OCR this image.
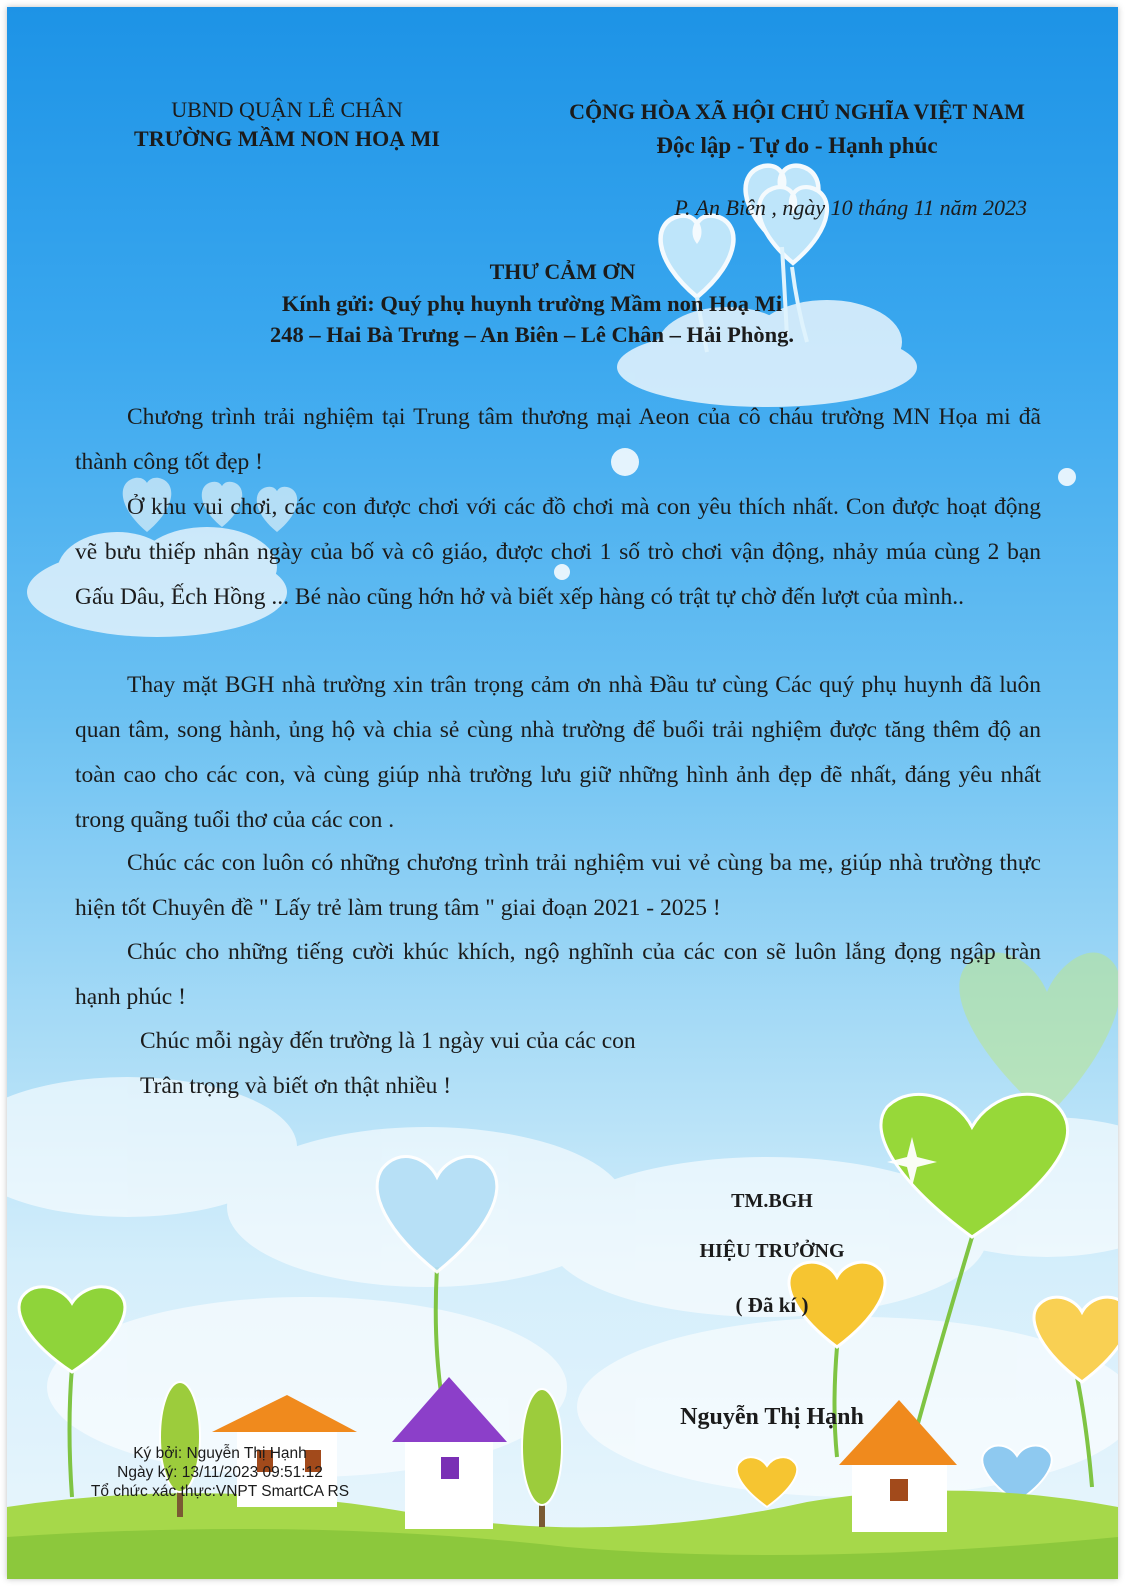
UBND QUẬN LÊ CHÂN
TRƯỜNG MẦM NON HOẠ MI
CỘNG HÒA XÃ HỘI CHỦ NGHĨA VIỆT NAM
Độc lập - Tự do - Hạnh phúc
P. An Biên , ngày 10 tháng 11 năm 2023
THƯ CẢM ƠN
Kính gửi: Quý phụ huynh trường Mầm non Hoạ Mi
248 – Hai Bà Trưng – An Biên – Lê Chân – Hải Phòng.
Chương trình trải nghiệm tại Trung tâm thương mại Aeon của cô cháu trường MN Họa mi đã thành công tốt đẹp !
Ở khu vui chơi, các con được chơi với các đồ chơi mà con yêu thích nhất. Con được hoạt động vẽ bưu thiếp nhân ngày của bố và cô giáo, được chơi 1 số trò chơi vận động, nhảy múa cùng 2 bạn Gấu Dâu, Ếch Hồng ... Bé nào cũng hớn hở và biết xếp hàng có trật tự chờ đến lượt của mình..
Thay mặt BGH nhà trường xin trân trọng cảm ơn nhà Đầu tư cùng Các quý phụ huynh đã luôn quan tâm, song hành, ủng hộ và chia sẻ cùng nhà trường để buổi trải nghiệm được tăng thêm độ an toàn cao cho các con, và cùng giúp nhà trường lưu giữ những hình ảnh đẹp đẽ nhất, đáng yêu nhất trong quãng tuổi thơ của các con .
Chúc các con luôn có những chương trình trải nghiệm vui vẻ cùng ba mẹ, giúp nhà trường thực hiện tốt Chuyên đề " Lấy trẻ làm trung tâm " giai đoạn 2021 - 2025 !
Chúc cho những tiếng cười khúc khích, ngộ nghĩnh của các con sẽ luôn lắng đọng ngập tràn hạnh phúc !
Chúc mỗi ngày đến trường là 1 ngày vui của các con
Trân trọng và biết ơn thật nhiều !
TM.BGH
HIỆU TRƯỞNG
( Đã kí )
Nguyễn Thị Hạnh
Ký bởi: Nguyễn Thị Hạnh
Ngày ký: 13/11/2023 09:51:12
Tổ chức xác thực:VNPT SmartCA RS
